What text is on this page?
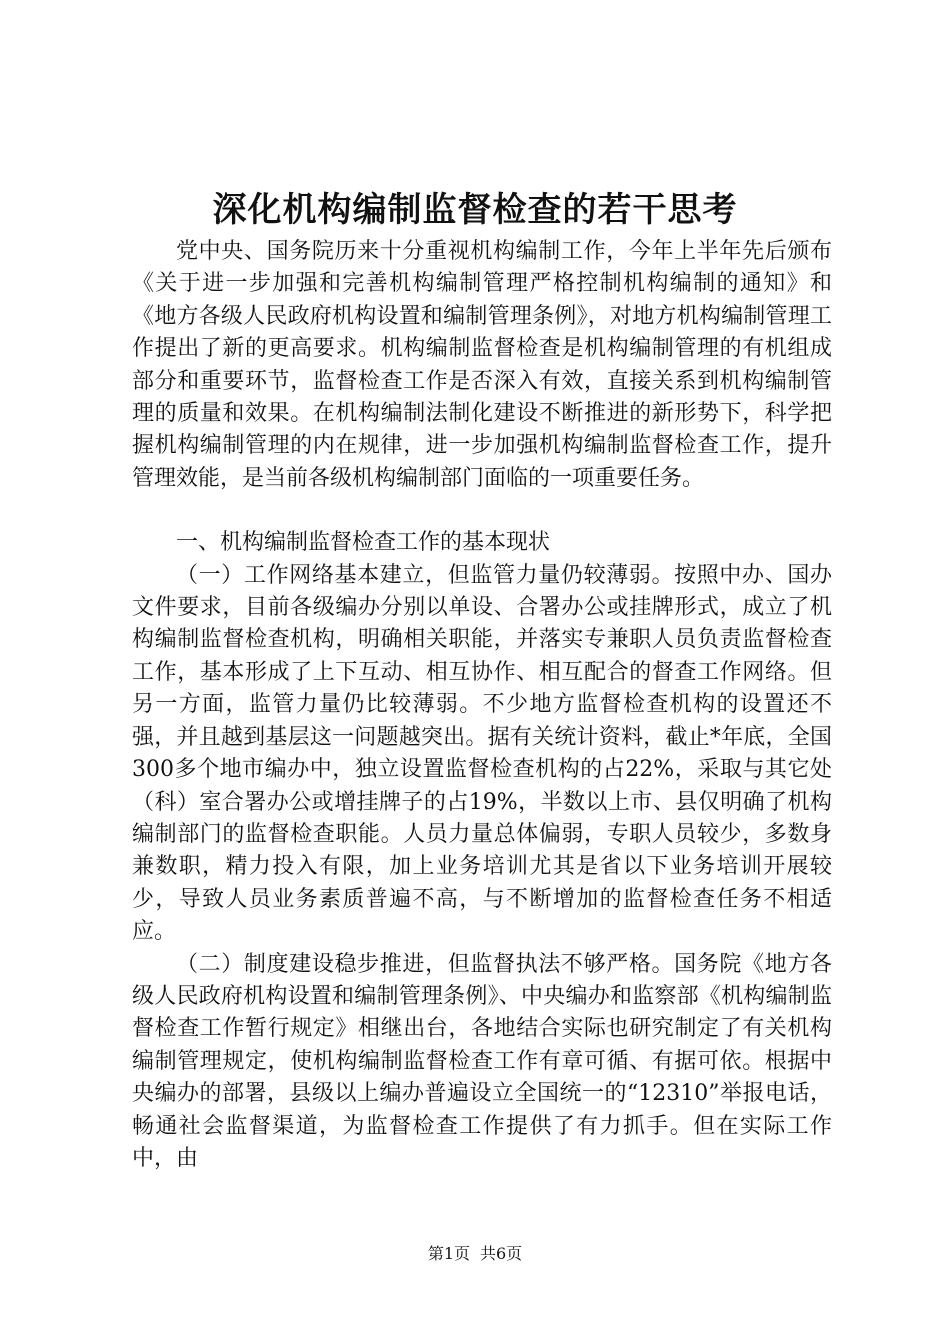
深化机构编制监督检查的若干思考

党中央、国务院历来十分重视机构编制工作，今年上半年先后颁布《关于进一步加强和完善机构编制管理严格控制机构编制的通知》和《地方各级人民政府机构设置和编制管理条例》，对地方机构编制管理工作提出了新的更高要求。机构编制监督检查是机构编制管理的有机组成部分和重要环节，监督检查工作是否深入有效，直接关系到机构编制管理的质量和效果。在机构编制法制化建设不断推进的新形势下，科学把握机构编制管理的内在规律，进一步加强机构编制监督检查工作，提升管理效能，是当前各级机构编制部门面临的一项重要任务。

一、机构编制监督检查工作的基本现状

（一）工作网络基本建立，但监管力量仍较薄弱。按照中办、国办文件要求，目前各级编办分别以单设、合署办公或挂牌形式，成立了机构编制监督检查机构，明确相关职能，并落实专兼职人员负责监督检查工作，基本形成了上下互动、相互协作、相互配合的督查工作网络。但另一方面，监管力量仍比较薄弱。不少地方监督检查机构的设置还不强，并且越到基层这一问题越突出。据有关统计资料，截止*年底，全国300多个地市编办中，独立设置监督检查机构的占22%，采取与其它处（科）室合署办公或增挂牌子的占19%，半数以上市、县仅明确了机构编制部门的监督检查职能。人员力量总体偏弱，专职人员较少，多数身兼数职，精力投入有限，加上业务培训尤其是省以下业务培训开展较少，导致人员业务素质普遍不高，与不断增加的监督检查任务不相适应。

（二）制度建设稳步推进，但监督执法不够严格。国务院《地方各级人民政府机构设置和编制管理条例》、中央编办和监察部《机构编制监督检查工作暂行规定》相继出台，各地结合实际也研究制定了有关机构编制管理规定，使机构编制监督检查工作有章可循、有据可依。根据中央编办的部署，县级以上编办普遍设立全国统一的“12310”举报电话，畅通社会监督渠道，为监督检查工作提供了有力抓手。但在实际工作中，由

第1页 共6页
